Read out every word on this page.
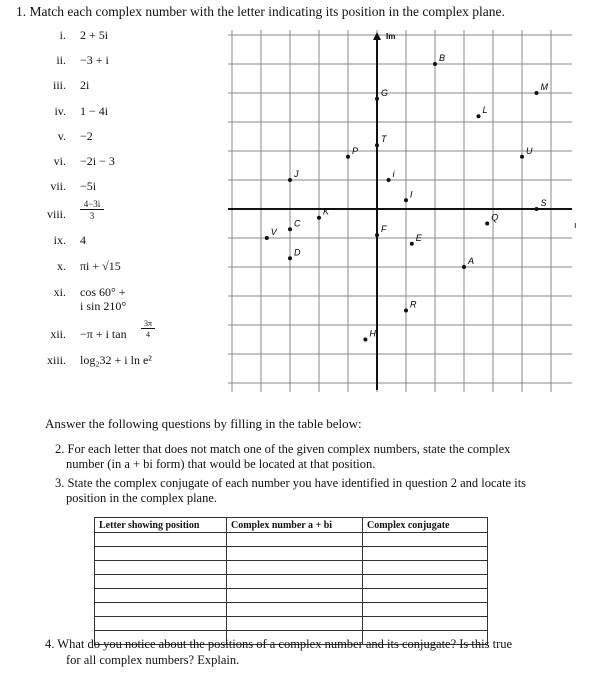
1. Match each complex number with the letter indicating its position in the complex plane.
i. 2 + 5i
ii. −3 + i
iii. 2i
iv. 1 − 4i
v. −2
vi. −2i − 3
vii. −5i
viii.
4−3i
3
ix. 4
x. πi + √15
xi. cos 60° +
i sin 210°
xii. −π + i tan
3π
4
xiii. log₂32 + i ln e²
Im
ı
B
M
G
L
T
P	U
i
J
I
S
K
Q
F
C
V
E
D
A
R
H
Answer the following questions by filling in the table below:
2. For each letter that does not match one of the given complex numbers, state the complex
number (in a + bi form) that would be located at that position.
3. State the complex conjugate of each number you have identified in question 2 and locate its
position in the complex plane.
Letter showing position	Complex number a + bi	Complex conjugate

4. What do you notice about the positions of a complex number and its conjugate? Is this true
for all complex numbers? Explain.
